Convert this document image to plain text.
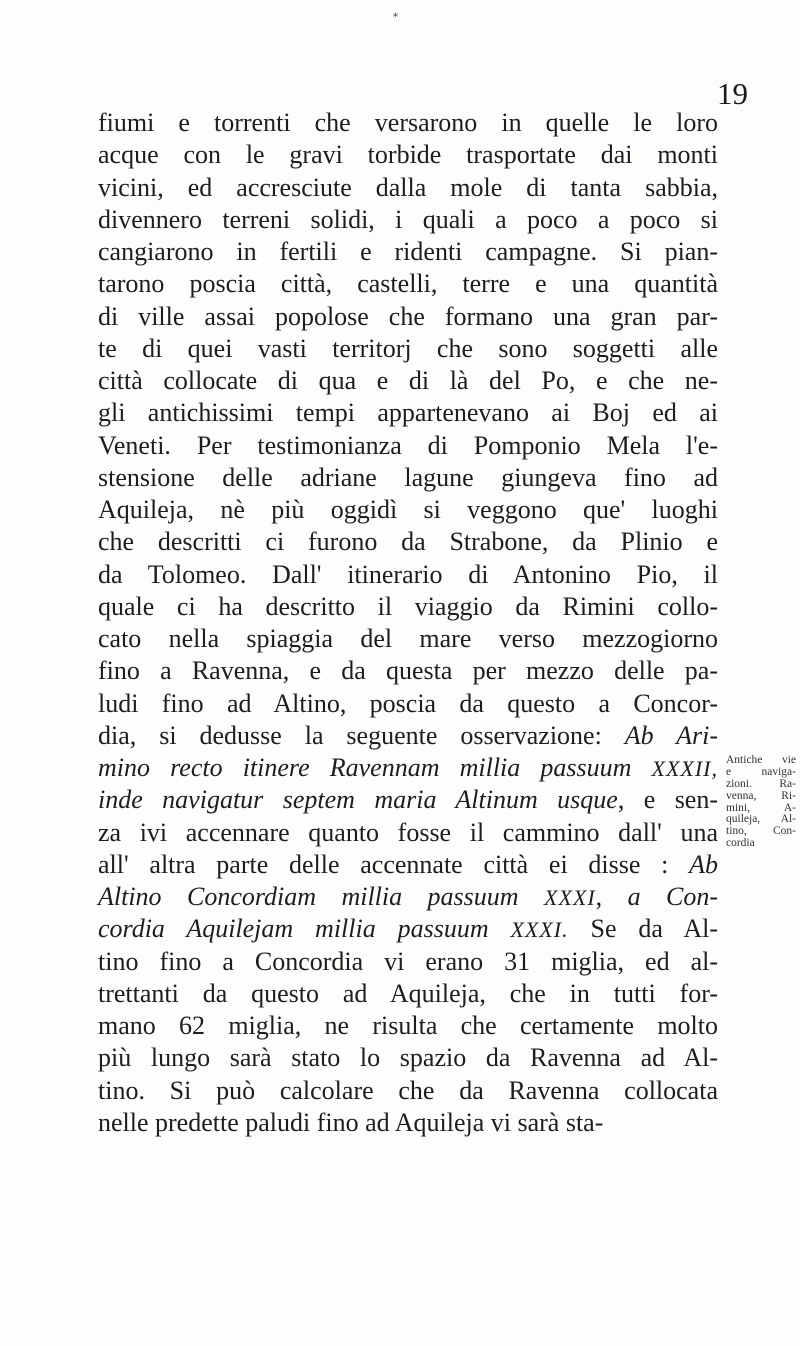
*
19
fiumi e torrenti che versarono in quelle le loro
acque con le gravi torbide trasportate dai monti
vicini, ed accresciute dalla mole di tanta sabbia,
divennero terreni solidi, i quali a poco a poco si
cangiarono in fertili e ridenti campagne. Si pian-
tarono poscia città, castelli, terre e una quantità
di ville assai popolose che formano una gran par-
te di quei vasti territorj che sono soggetti alle
città collocate di qua e di là del Po, e che ne-
gli antichissimi tempi appartenevano ai Boj ed ai
Veneti. Per testimonianza di Pomponio Mela l'e-
stensione delle adriane lagune giungeva fino ad
Aquileja, nè più oggidì si veggono que' luoghi
che descritti ci furono da Strabone, da Plinio e
da Tolomeo. Dall' itinerario di Antonino Pio, il
quale ci ha descritto il viaggio da Rimini collo-
cato nella spiaggia del mare verso mezzogiorno
fino a Ravenna, e da questa per mezzo delle pa-
ludi fino ad Altino, poscia da questo a Concor-
dia, si dedusse la seguente osservazione: Ab Ari-
mino recto itinere Ravennam millia passuum XXXII,
inde navigatur septem maria Altinum usque, e sen-
za ivi accennare quanto fosse il cammino dall' una
all' altra parte delle accennate città ei disse : Ab
Altino Concordiam millia passuum XXXI, a Con-
cordia Aquilejam millia passuum XXXI. Se da Al-
tino fino a Concordia vi erano 31 miglia, ed al-
trettanti da questo ad Aquileja, che in tutti for-
mano 62 miglia, ne risulta che certamente molto
più lungo sarà stato lo spazio da Ravenna ad Al-
tino. Si può calcolare che da Ravenna collocata
nelle predette paludi fino ad Aquileja vi sarà sta-
Antiche vie
e naviga-
zioni. Ra-
venna, Ri-
mini, A-
quileja, Al-
tino, Con-
cordia
